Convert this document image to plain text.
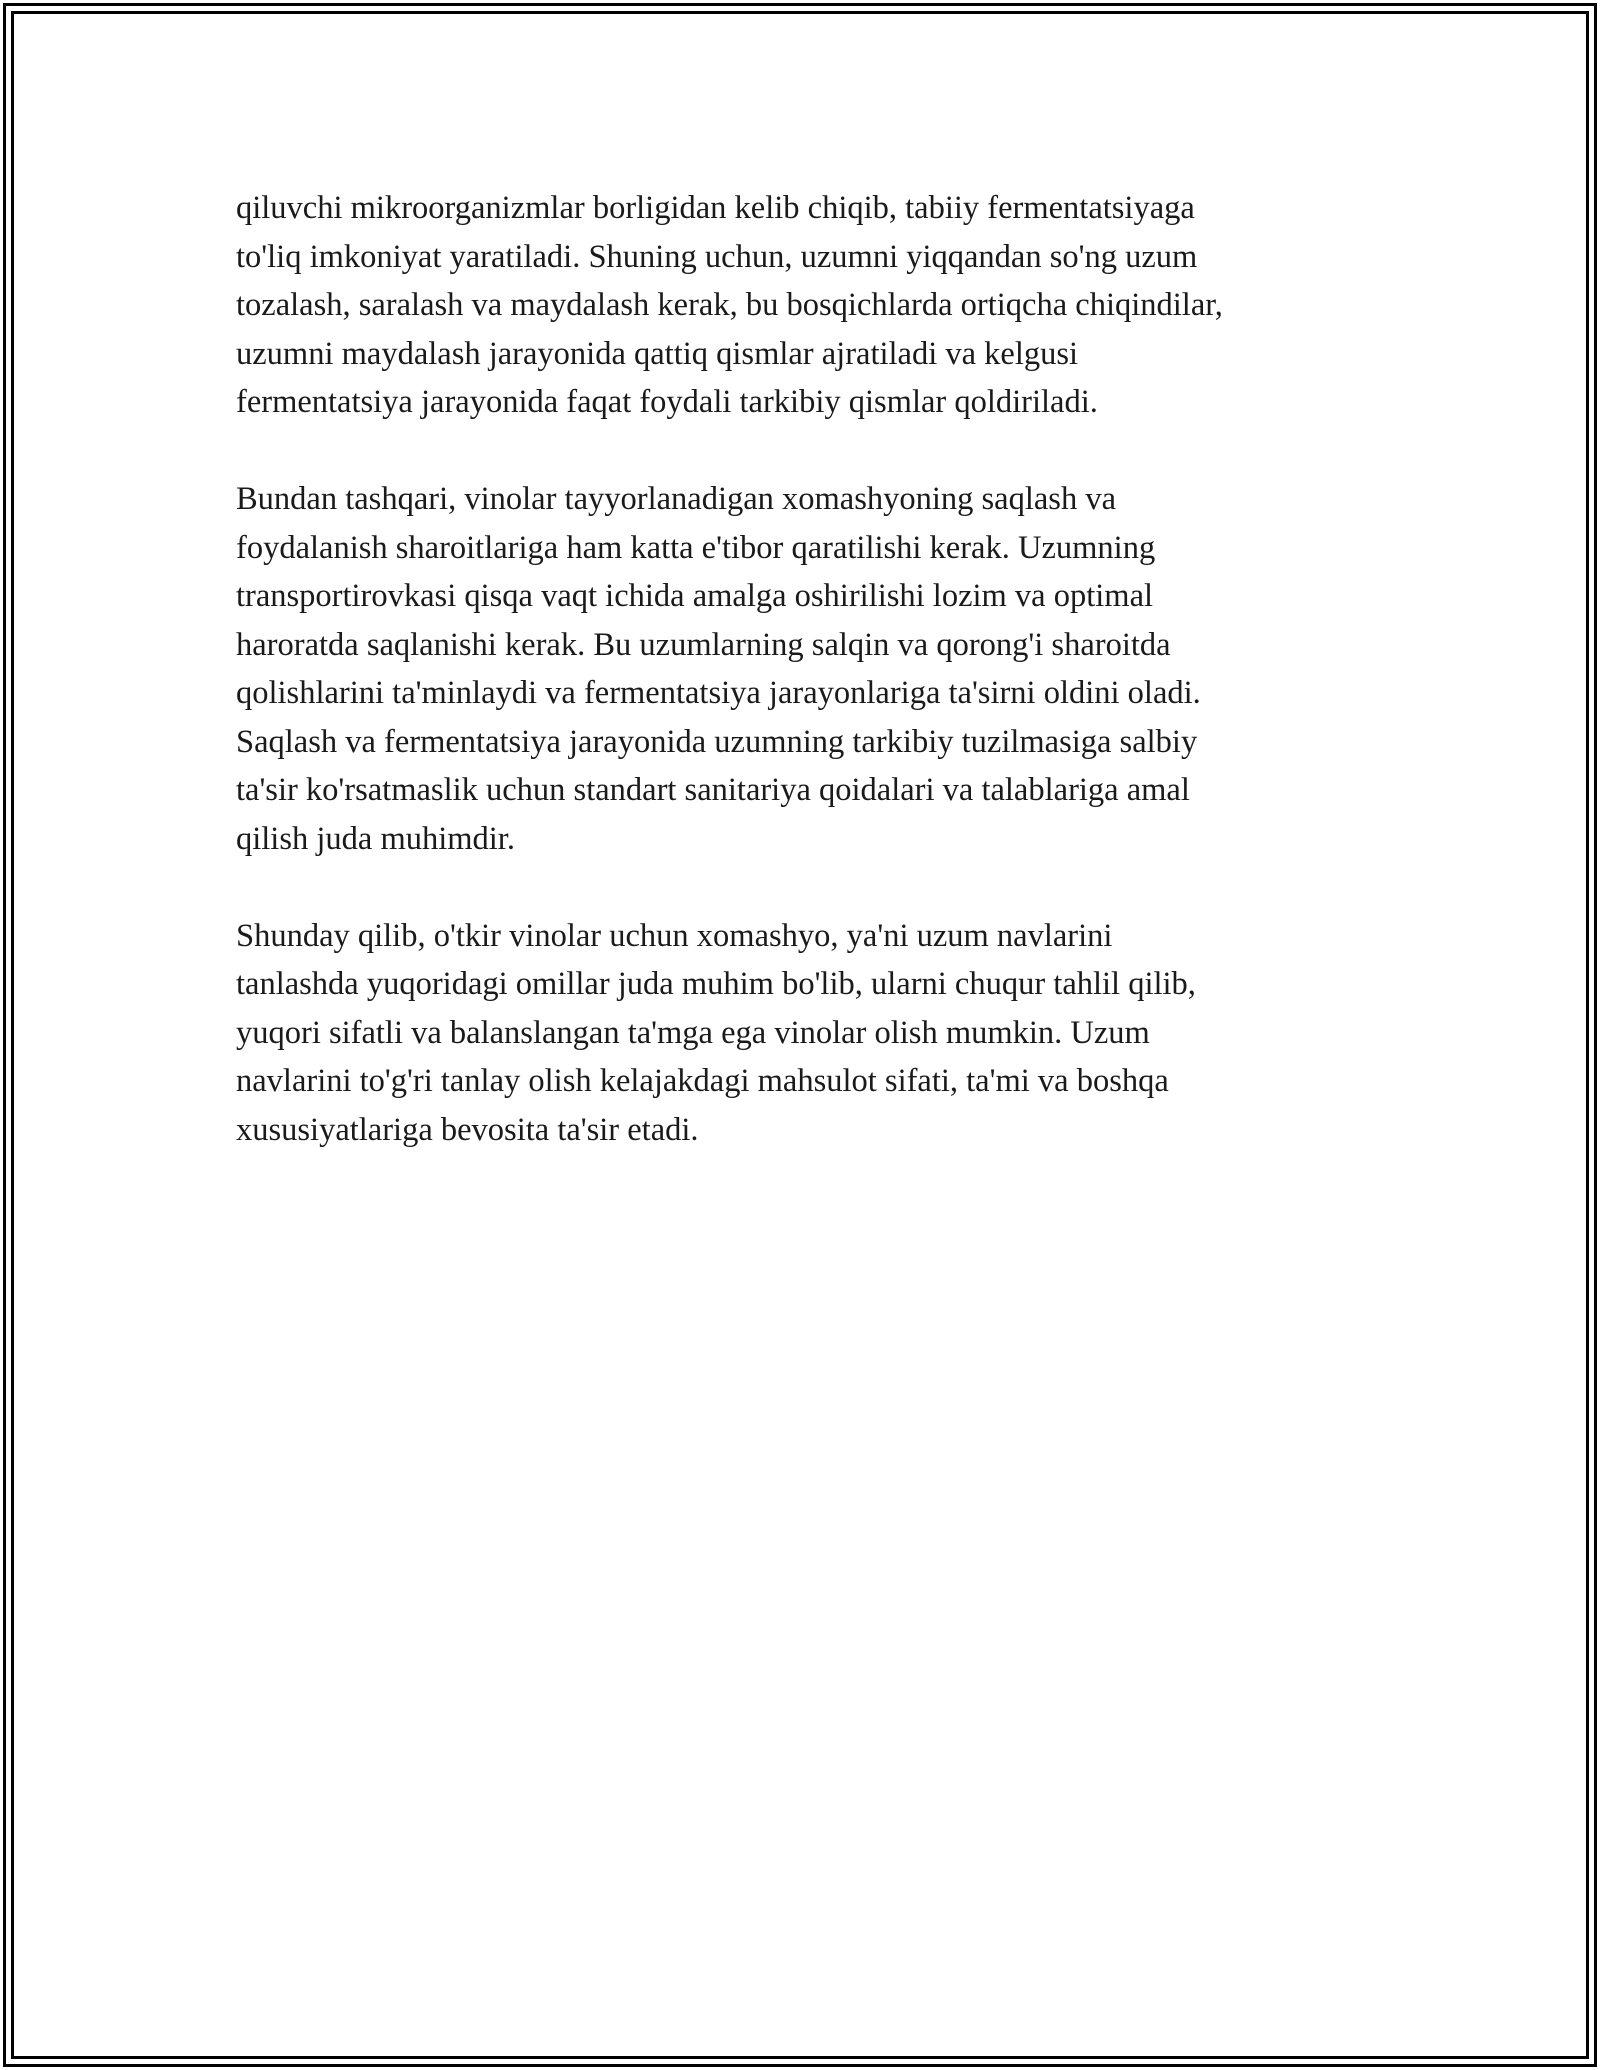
qiluvchi mikroorganizmlar borligidan kelib chiqib, tabiiy fermentatsiyaga
to'liq imkoniyat yaratiladi. Shuning uchun, uzumni yiqqandan so'ng uzum
tozalash, saralash va maydalash kerak, bu bosqichlarda ortiqcha chiqindilar,
uzumni maydalash jarayonida qattiq qismlar ajratiladi va kelgusi
fermentatsiya jarayonida faqat foydali tarkibiy qismlar qoldiriladi.

Bundan tashqari, vinolar tayyorlanadigan xomashyoning saqlash va
foydalanish sharoitlariga ham katta e'tibor qaratilishi kerak. Uzumning
transportirovkasi qisqa vaqt ichida amalga oshirilishi lozim va optimal
haroratda saqlanishi kerak. Bu uzumlarning salqin va qorong'i sharoitda
qolishlarini ta'minlaydi va fermentatsiya jarayonlariga ta'sirni oldini oladi.
Saqlash va fermentatsiya jarayonida uzumning tarkibiy tuzilmasiga salbiy
ta'sir ko'rsatmaslik uchun standart sanitariya qoidalari va talablariga amal
qilish juda muhimdir.

Shunday qilib, o'tkir vinolar uchun xomashyo, ya'ni uzum navlarini
tanlashda yuqoridagi omillar juda muhim bo'lib, ularni chuqur tahlil qilib,
yuqori sifatli va balanslangan ta'mga ega vinolar olish mumkin. Uzum
navlarini to'g'ri tanlay olish kelajakdagi mahsulot sifati, ta'mi va boshqa
xususiyatlariga bevosita ta'sir etadi.
